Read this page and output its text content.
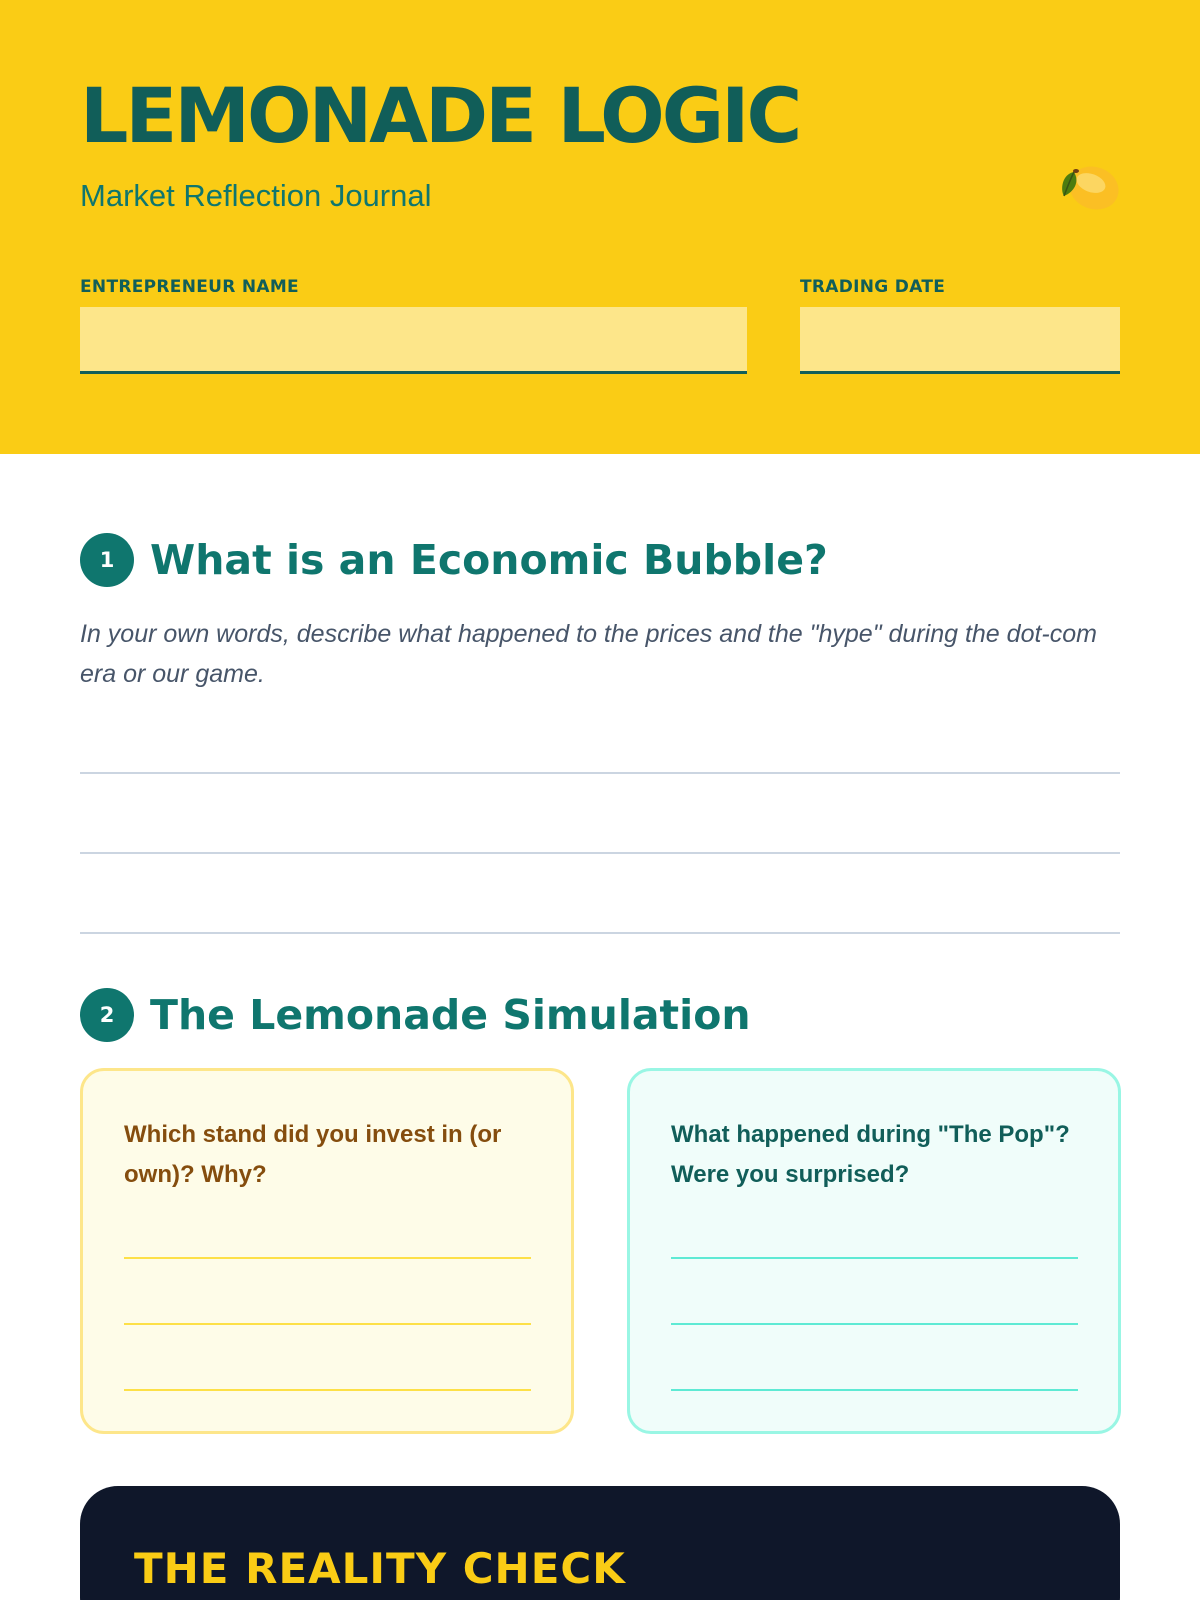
LEMONADE LOGIC
Market Reflection Journal
ENTREPRENEUR NAME	TRADING DATE
1 What is an Economic Bubble?
In your own words, describe what happened to the prices and the "hype" during the dot-com era or our game.
2 The Lemonade Simulation
Which stand did you invest in (or own)? Why?
What happened during "The Pop"? Were you surprised?
THE REALITY CHECK
